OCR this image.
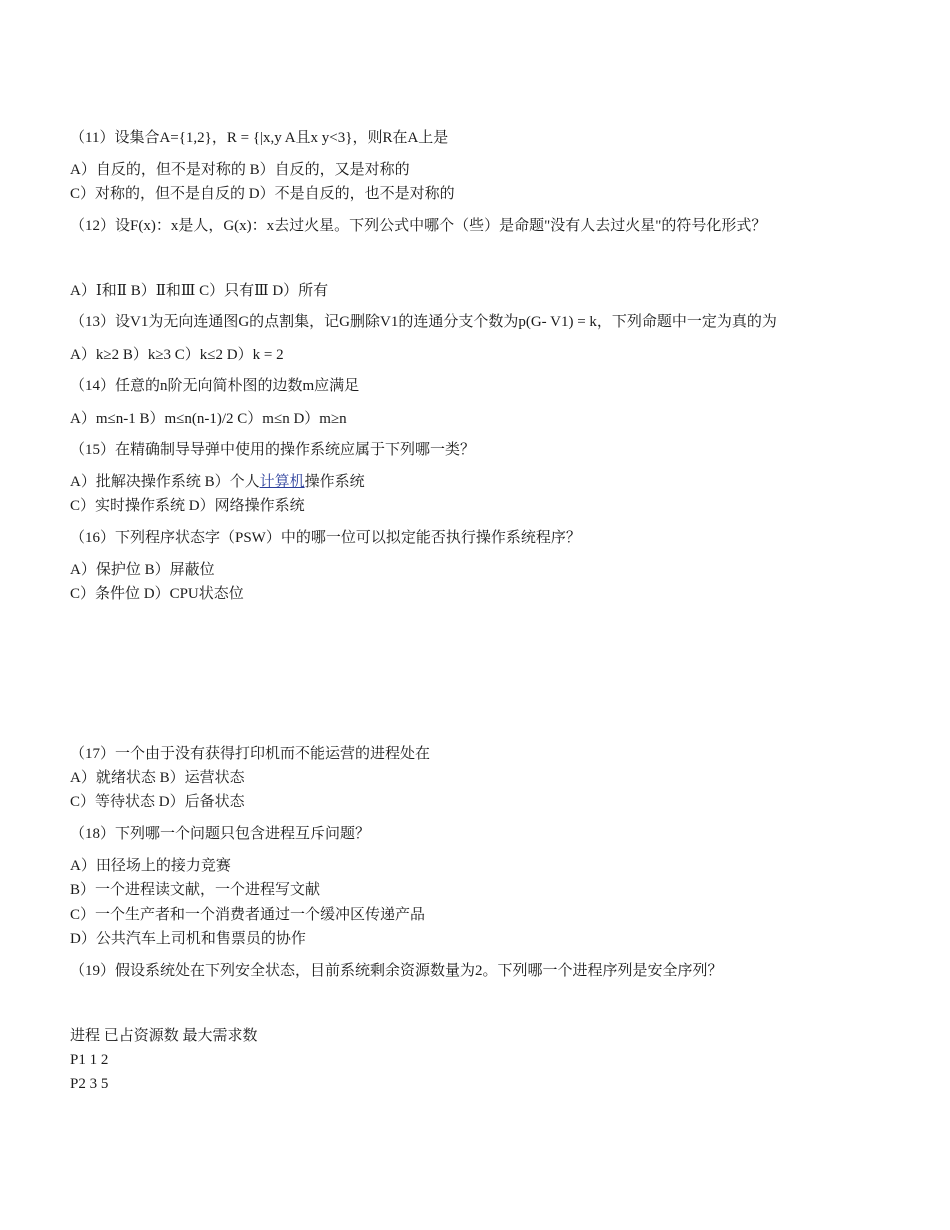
（11）设集合A={1,2}，R = {|x,y A且x y<3}，则R在A上是
A）自反的，但不是对称的 B）自反的，又是对称的
C）对称的，但不是自反的 D）不是自反的，也不是对称的
（12）设F(x)：x是人，G(x)：x去过火星。下列公式中哪个（些）是命题"没有人去过火星"的符号化形式？
A）Ⅰ和Ⅱ B）Ⅱ和Ⅲ C）只有Ⅲ D）所有
（13）设V1为无向连通图G的点割集，记G删除V1的连通分支个数为p(G- V1) = k，下列命题中一定为真的为
A）k≥2 B）k≥3 C）k≤2 D）k = 2
（14）任意的n阶无向简朴图的边数m应满足
A）m≤n-1 B）m≤n(n-1)/2 C）m≤n D）m≥n
（15）在精确制导导弹中使用的操作系统应属于下列哪一类？
A）批解决操作系统 B）个人计算机操作系统
C）实时操作系统 D）网络操作系统
（16）下列程序状态字（PSW）中的哪一位可以拟定能否执行操作系统程序？
A）保护位 B）屏蔽位
C）条件位 D）CPU状态位
（17）一个由于没有获得打印机而不能运营的进程处在
A）就绪状态 B）运营状态
C）等待状态 D）后备状态
（18）下列哪一个问题只包含进程互斥问题？
A）田径场上的接力竞赛
B）一个进程读文献，一个进程写文献
C）一个生产者和一个消费者通过一个缓冲区传递产品
D）公共汽车上司机和售票员的协作
（19）假设系统处在下列安全状态，目前系统剩余资源数量为2。下列哪一个进程序列是安全序列？
进程 已占资源数 最大需求数
P1 1 2
P2 3 5
